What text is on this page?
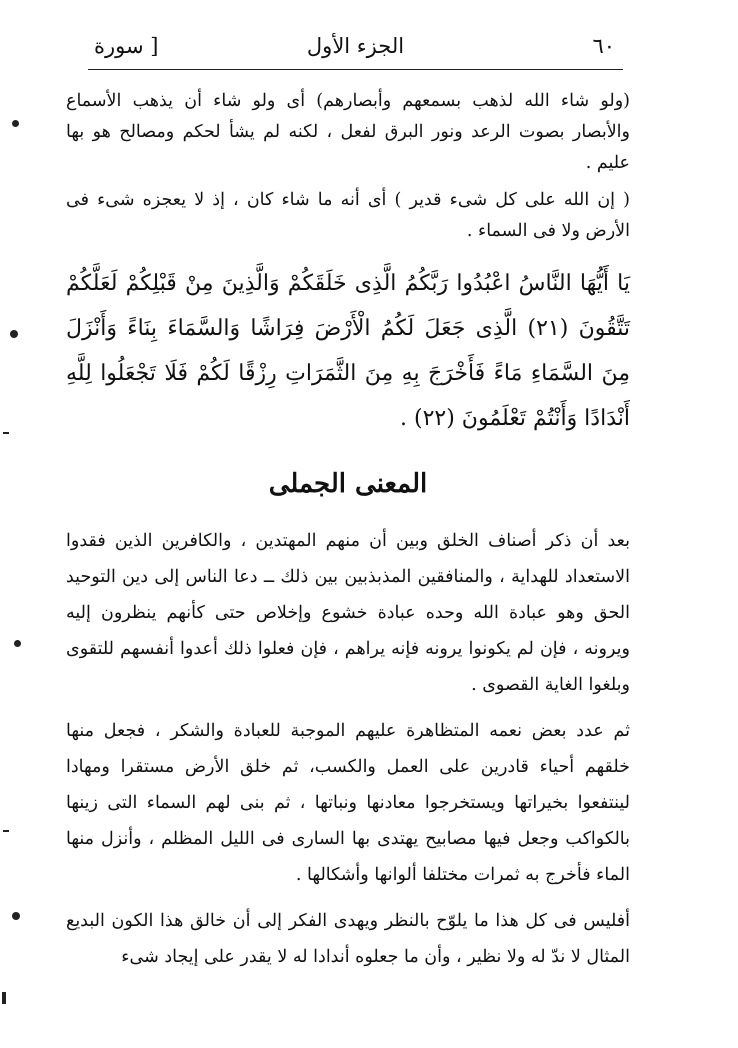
٦٠
الجزء الأول
[ سورة

(ولو شاء الله لذهب بسمعهم وأبصارهم) أى ولو شاء أن يذهب الأسماع والأبصار بصوت الرعد ونور البرق لفعل ، لكنه لم يشأ لحكم ومصالح هو بها عليم .

( إن الله على كل شىء قدير ) أى أنه ما شاء كان ، إذ لا يعجزه شىء فى الأرض ولا فى السماء .

يَا أَيُّهَا النَّاسُ اعْبُدُوا رَبَّكُمُ الَّذِى خَلَقَكُمْ وَالَّذِينَ مِنْ قَبْلِكُمْ لَعَلَّكُمْ تَتَّقُونَ (٢١) الَّذِى جَعَلَ لَكُمُ الْأَرْضَ فِرَاشًا وَالسَّمَاءَ بِنَاءً وَأَنْزَلَ مِنَ السَّمَاءِ مَاءً فَأَخْرَجَ بِهِ مِنَ الثَّمَرَاتِ رِزْقًا لَكُمْ فَلَا تَجْعَلُوا لِلَّهِ أَنْدَادًا وَأَنْتُمْ تَعْلَمُونَ (٢٢) .

المعنى الجملى

بعد أن ذكر أصناف الخلق وبين أن منهم المهتدين ، والكافرين الذين فقدوا الاستعداد للهداية ، والمنافقين المذبذبين بين ذلك ــ دعا الناس إلى دين التوحيد الحق وهو عبادة الله وحده عبادة خشوع وإخلاص حتى كأنهم ينظرون إليه ويرونه ، فإن لم يكونوا يرونه فإنه يراهم ، فإن فعلوا ذلك أعدوا أنفسهم للتقوى وبلغوا الغاية القصوى .

ثم عدد بعض نعمه المتظاهرة عليهم الموجبة للعبادة والشكر ، فجعل منها خلقهم أحياء قادرين على العمل والكسب، ثم خلق الأرض مستقرا ومهادا لينتفعوا بخيراتها ويستخرجوا معادنها ونباتها ، ثم بنى لهم السماء التى زينها بالكواكب وجعل فيها مصابيح يهتدى بها السارى فى الليل المظلم ، وأنزل منها الماء فأخرج به ثمرات مختلفا ألوانها وأشكالها .

أفليس فى كل هذا ما يلوّح بالنظر ويهدى الفكر إلى أن خالق هذا الكون البديع المثال لا ندّ له ولا نظير ، وأن ما جعلوه أندادا له لا يقدر على إيجاد شىء
